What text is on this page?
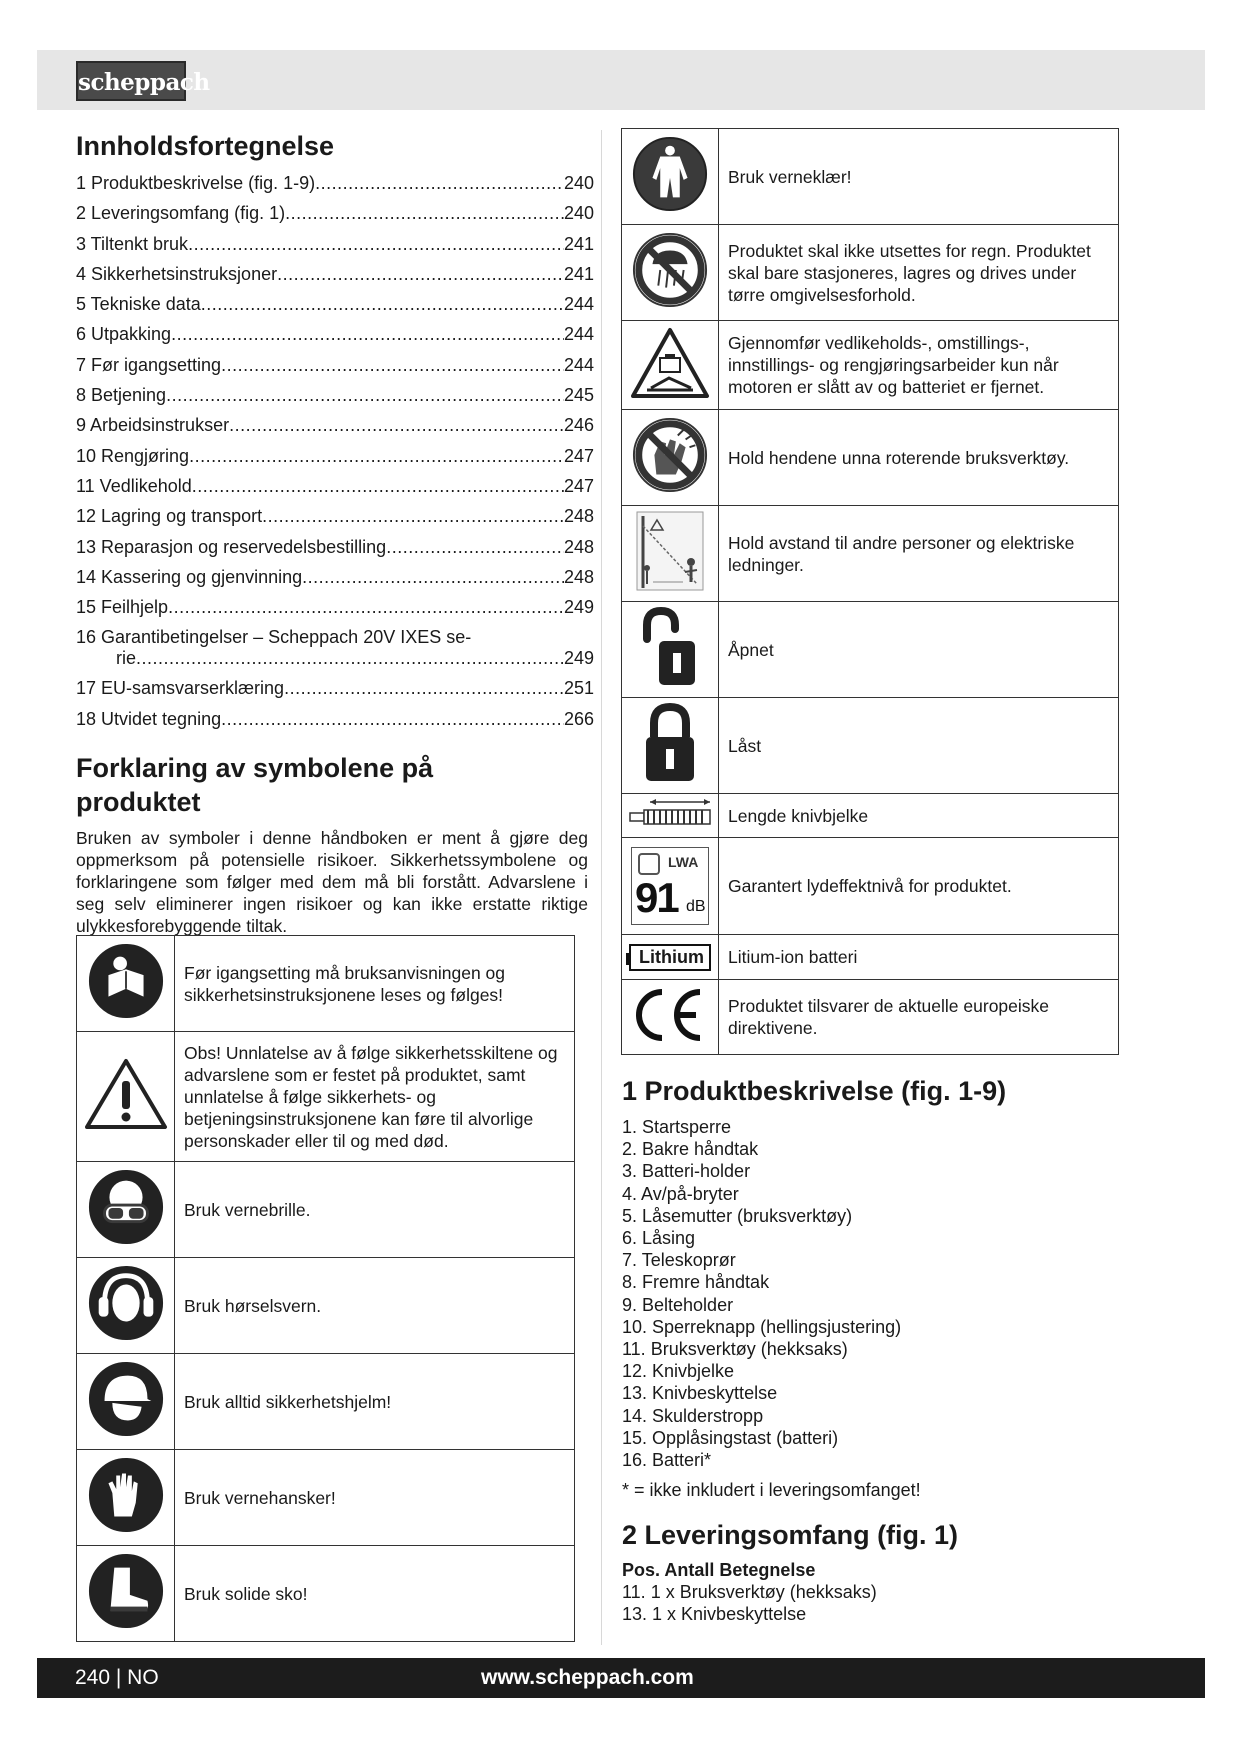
scheppach
Innholdsfortegnelse
1 Produktbeskrivelse (fig. 1-9) .....	240
2 Leveringsomfang (fig. 1) .....	240
3 Tiltenkt bruk .....	241
4 Sikkerhetsinstruksjoner .....	241
5 Tekniske data .....	244
6 Utpakking .....	244
7 Før igangsetting .....	244
8 Betjening .....	245
9 Arbeidsinstrukser .....	246
10 Rengjøring .....	247
11 Vedlikehold .....	247
12 Lagring og transport .....	248
13 Reparasjon og reservedelsbestilling .....	248
14 Kassering og gjenvinning .....	248
15 Feilhjelp .....	249
16 Garantibetingelser – Scheppach 20V IXES se-
rie .....	249
17 EU-samsvarserklæring .....	251
18 Utvidet tegning .....	266
Forklaring av symbolene på produktet

Bruken av symboler i denne håndboken er ment å gjøre deg oppmerksom på potensielle risikoer. Sikkerhetssymbolene og forklaringene som følger med dem må bli forstått. Advarslene i seg selv eliminerer ingen risikoer og kan ikke erstatte riktige ulykkesforebyggende tiltak.

	Før igangsetting må bruksanvisningen og sikkerhetsinstruksjonene leses og følges!
	Obs! Unnlatelse av å følge sikkerhetsskiltene og advarslene som er festet på produktet, samt unnlatelse å følge sikkerhets- og betjeningsinstruksjonene kan føre til alvorlige personskader eller til og med død.
	Bruk vernebrille.
	Bruk hørselsvern.
	Bruk alltid sikkerhetshjelm!
	Bruk vernehansker!
	Bruk solide sko!
	Bruk verneklær!
	Produktet skal ikke utsettes for regn. Produktet skal bare stasjoneres, lagres og drives under tørre omgivelsesforhold.
	Gjennomfør vedlikeholds-, omstillings-, innstillings- og rengjøringsarbeider kun når motoren er slått av og batteriet er fjernet.
	Hold hendene unna roterende bruksverktøy.
	Hold avstand til andre personer og elektriske ledninger.
	Åpnet
	Låst
	Lengde knivbjelke

LWA
91 dB	Garantert lydeffektnivå for produktet.

Lithium	Litium-ion batteri
	Produktet tilsvarer de aktuelle europeiske direktivene.
1 Produktbeskrivelse (fig. 1-9)
1. Startsperre
2. Bakre håndtak
3. Batteri-holder
4. Av/på-bryter
5. Låsemutter (bruksverktøy)
6. Låsing
7. Teleskoprør
8. Fremre håndtak
9. Belteholder
10. Sperreknapp (hellingsjustering)
11. Bruksverktøy (hekksaks)
12. Knivbjelke
13. Knivbeskyttelse
14. Skulderstropp
15. Opplåsingstast (batteri)
16. Batteri*
* = ikke inkludert i leveringsomfanget!
2 Leveringsomfang (fig. 1)
Pos. Antall Betegnelse
11. 1 x Bruksverktøy (hekksaks)
13. 1 x Knivbeskyttelse
240 | NO	www.scheppach.com
